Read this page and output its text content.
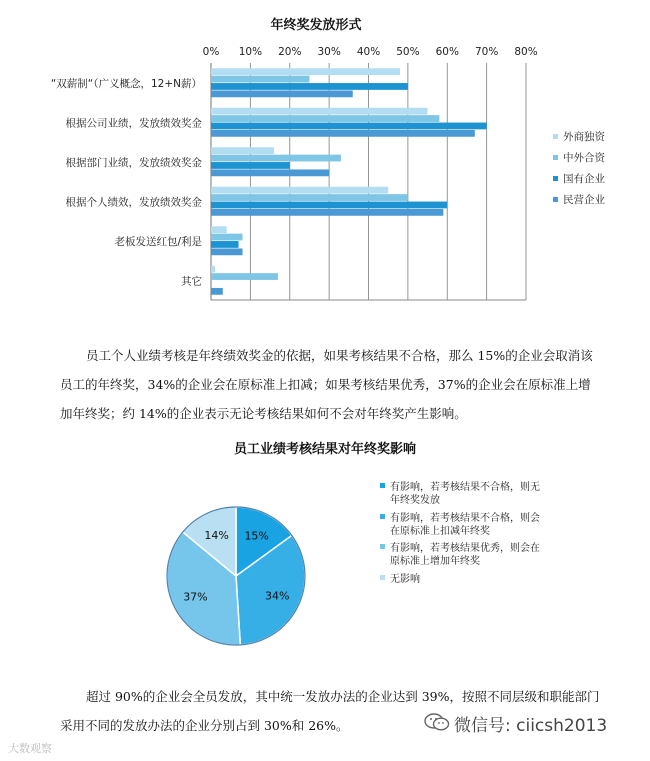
年终奖发放形式
0% 10% 20% 30% 40% 50% 60% 70% 80%
“双薪制“（广义概念，12+N薪）
根据公司业绩，发放绩效奖金
根据部门业绩，发放绩效奖金
根据个人绩效，发放绩效奖金
老板发送红包/利是
其它
外商独资
中外合资
国有企业
民营企业
员工个人业绩考核是年终绩效奖金的依据，如果考核结果不合格，那么 15%的企业会取消该员工的年终奖，34%的企业会在原标准上扣减；如果考核结果优秀，37%的企业会在原标准上增加年终奖；约 14%的企业表示无论考核结果如何不会对年终奖产生影响。
员工业绩考核结果对年终奖影响
15%
34%
37%
14%
有影响，若考核结果不合格，则无
年终奖发放
有影响，若考核结果不合格，则会
在原标准上扣减年终奖
有影响，若考核结果优秀，则会在
原标准上增加年终奖
无影响
超过 90%的企业会全员发放，其中统一发放办法的企业达到 39%，按照不同层级和职能部门采用不同的发放办法的企业分别占到 30%和 26%。	微信号: ciicsh2013
大数观察
